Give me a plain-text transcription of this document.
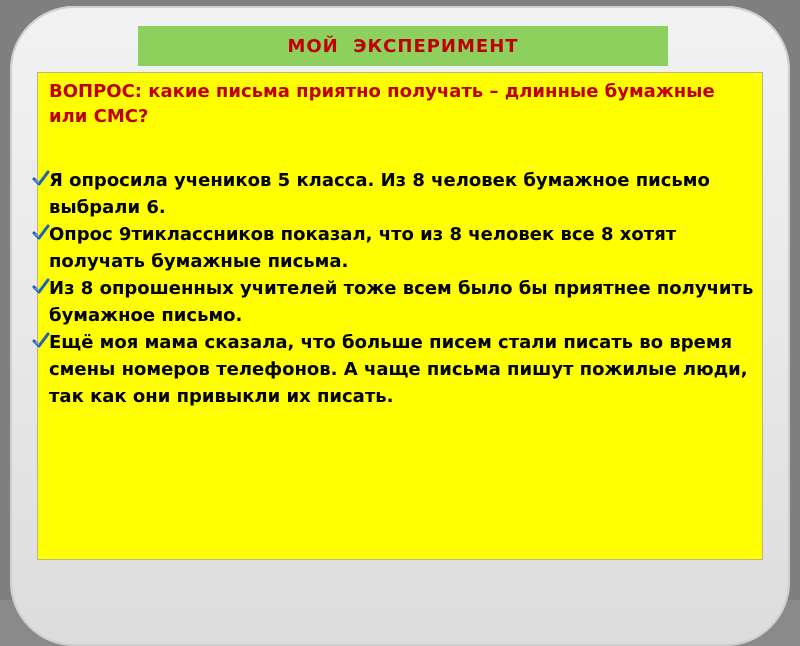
МОЙ  ЭКСПЕРИМЕНТ
ВОПРОС: какие письма приятно получать – длинные бумажные или СМС?
Я опросила учеников 5 класса. Из 8 человек бумажное письмо выбрали 6.
Опрос 9тиклассников показал, что из 8 человек все 8 хотят получать бумажные письма.
Из 8 опрошенных учителей тоже всем было бы приятнее получить бумажное письмо.
Ещё моя мама сказала, что больше писем стали писать во время смены номеров телефонов. А чаще письма пишут пожилые люди, так как они привыкли их писать.
